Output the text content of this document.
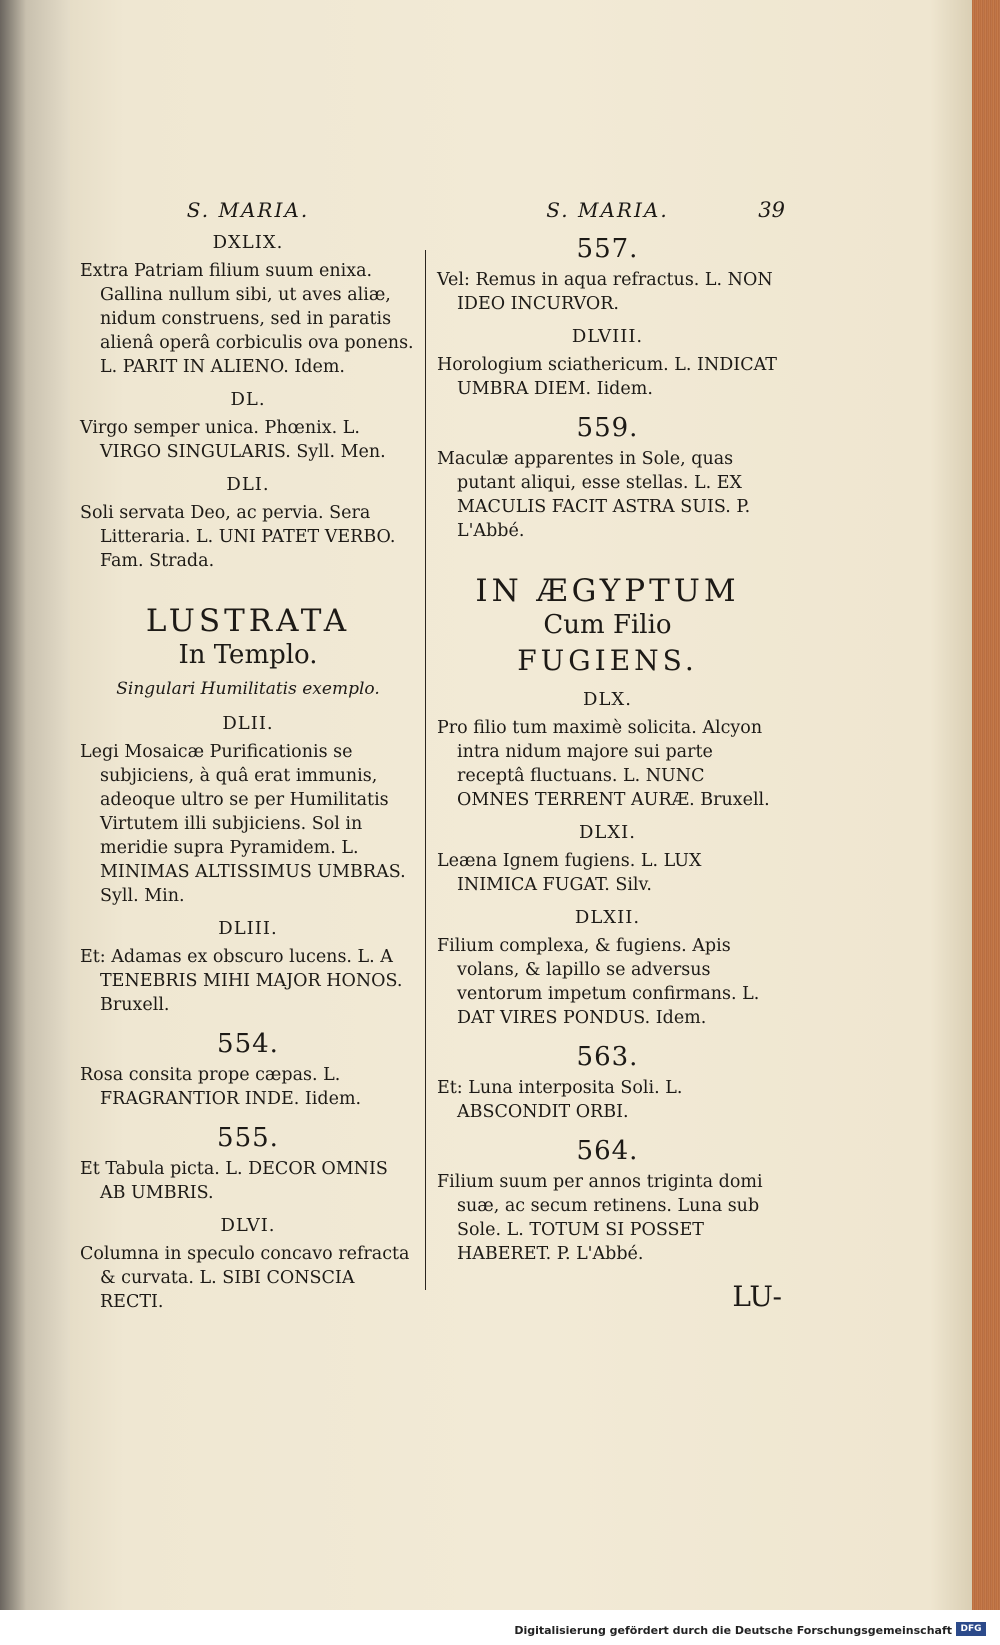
S. MARIA.
DXLIX.
Extra Patriam filium suum enixa. Gallina nullum sibi, ut aves aliæ, nidum construens, sed in paratis alienâ operâ corbiculis ova ponens. L. PARIT IN ALIENO. Idem.
DL.
Virgo semper unica. Phœnix. L. VIRGO SINGULARIS. Syll. Men.
DLI.
Soli servata Deo, ac pervia. Sera Litteraria. L. UNI PATET VERBO. Fam. Strada.
LUSTRATA
In Templo.
Singulari Humilitatis exemplo.
DLII.
Legi Mosaicæ Purificationis se subjiciens, à quâ erat immunis, adeoque ultro se per Humilitatis Virtutem illi subjiciens. Sol in meridie supra Pyramidem. L. MINIMAS ALTISSIMUS UMBRAS. Syll. Min.
DLIII.
Et: Adamas ex obscuro lucens. L. A TENEBRIS MIHI MAJOR HONOS. Bruxell.
554.
Rosa consita prope cæpas. L. FRAGRANTIOR INDE. Iidem.
555.
Et Tabula picta. L. DECOR OMNIS AB UMBRIS.
DLVI.
Columna in speculo concavo refracta & curvata. L. SIBI CONSCIA RECTI.
S. MARIA.	39
557.
Vel: Remus in aqua refractus. L. NON IDEO INCURVOR.
DLVIII.
Horologium sciathericum. L. INDICAT UMBRA DIEM. Iidem.
559.
Maculæ apparentes in Sole, quas putant aliqui, esse stellas. L. EX MACULIS FACIT ASTRA SUIS. P. L'Abbé.
IN ÆGYPTUM
Cum Filio
FUGIENS.
DLX.
Pro filio tum maximè solicita. Alcyon intra nidum majore sui parte receptâ fluctuans. L. NUNC OMNES TERRENT AURÆ. Bruxell.
DLXI.
Leæna Ignem fugiens. L. LUX INIMICA FUGAT. Silv.
DLXII.
Filium complexa, & fugiens. Apis volans, & lapillo se adversus ventorum impetum confirmans. L. DAT VIRES PONDUS. Idem.
563.
Et: Luna interposita Soli. L. ABSCONDIT ORBI.
564.
Filium suum per annos triginta domi suæ, ac secum retinens. Luna sub Sole. L. TOTUM SI POSSET HABERET. P. L'Abbé.
LU-
Digitalisierung gefördert durch die Deutsche Forschungsgemeinschaft DFG
